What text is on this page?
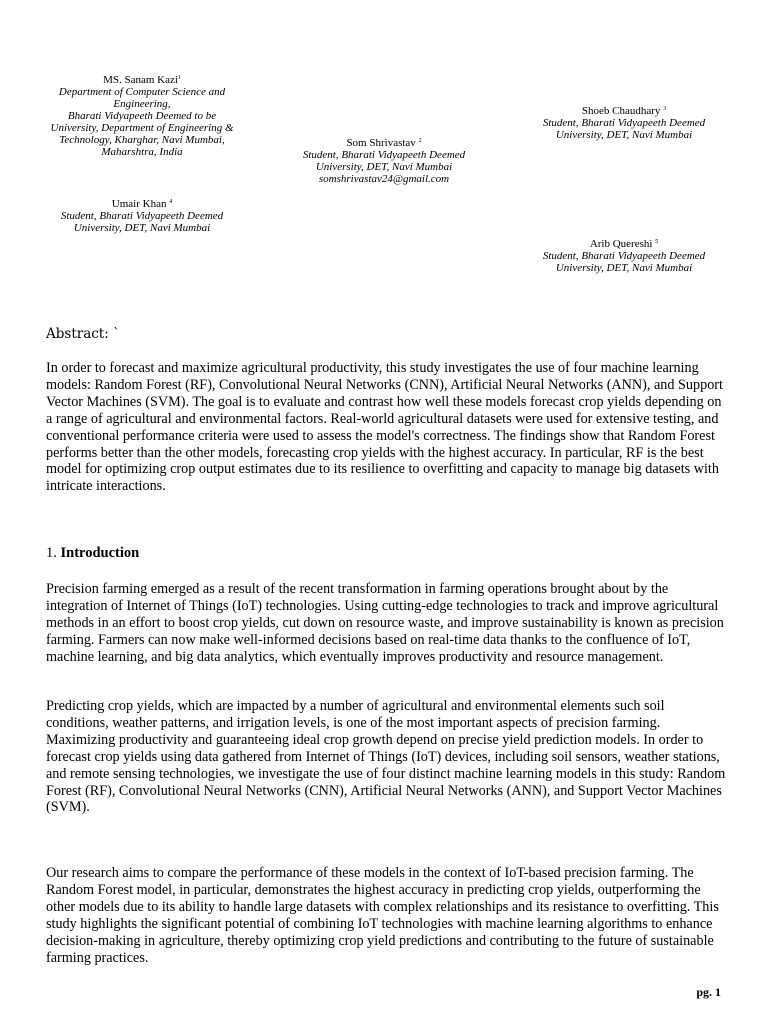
MS. Sanam Kazi$^1$
Department of Computer Science and Engineering,
Bharati Vidyapeeth Deemed to be University, Department of Engineering & Technology, Kharghar, Navi Mumbai, Maharshtra, India
Som Shrivastav $^2$
Student, Bharati Vidyapeeth Deemed University, DET, Navi Mumbai
somshrivastav24@gmail.com
Shoeb Chaudhary $^3$
Student, Bharati Vidyapeeth Deemed University, DET, Navi Mumbai
Umair Khan $^4$
Student, Bharati Vidyapeeth Deemed University, DET, Navi Mumbai
Arib Quereshi $^5$
Student, Bharati Vidyapeeth Deemed University, DET, Navi Mumbai
Abstract: `

In order to forecast and maximize agricultural productivity, this study investigates the use of four machine learning models: Random Forest (RF), Convolutional Neural Networks (CNN), Artificial Neural Networks (ANN), and Support Vector Machines (SVM). The goal is to evaluate and contrast how well these models forecast crop yields depending on a range of agricultural and environmental factors. Real-world agricultural datasets were used for extensive testing, and conventional performance criteria were used to assess the model's correctness. The findings show that Random Forest performs better than the other models, forecasting crop yields with the highest accuracy. In particular, RF is the best model for optimizing crop output estimates due to its resilience to overfitting and capacity to manage big datasets with intricate interactions.

1. Introduction

Precision farming emerged as a result of the recent transformation in farming operations brought about by the integration of Internet of Things (IoT) technologies. Using cutting-edge technologies to track and improve agricultural methods in an effort to boost crop yields, cut down on resource waste, and improve sustainability is known as precision farming. Farmers can now make well-informed decisions based on real-time data thanks to the confluence of IoT, machine learning, and big data analytics, which eventually improves productivity and resource management.

Predicting crop yields, which are impacted by a number of agricultural and environmental elements such soil conditions, weather patterns, and irrigation levels, is one of the most important aspects of precision farming. Maximizing productivity and guaranteeing ideal crop growth depend on precise yield prediction models. In order to forecast crop yields using data gathered from Internet of Things (IoT) devices, including soil sensors, weather stations, and remote sensing technologies, we investigate the use of four distinct machine learning models in this study: Random Forest (RF), Convolutional Neural Networks (CNN), Artificial Neural Networks (ANN), and Support Vector Machines (SVM).

Our research aims to compare the performance of these models in the context of IoT-based precision farming. The Random Forest model, in particular, demonstrates the highest accuracy in predicting crop yields, outperforming the other models due to its ability to handle large datasets with complex relationships and its resistance to overfitting. This study highlights the significant potential of combining IoT technologies with machine learning algorithms to enhance decision-making in agriculture, thereby optimizing crop yield predictions and contributing to the future of sustainable farming practices.

pg. 1
